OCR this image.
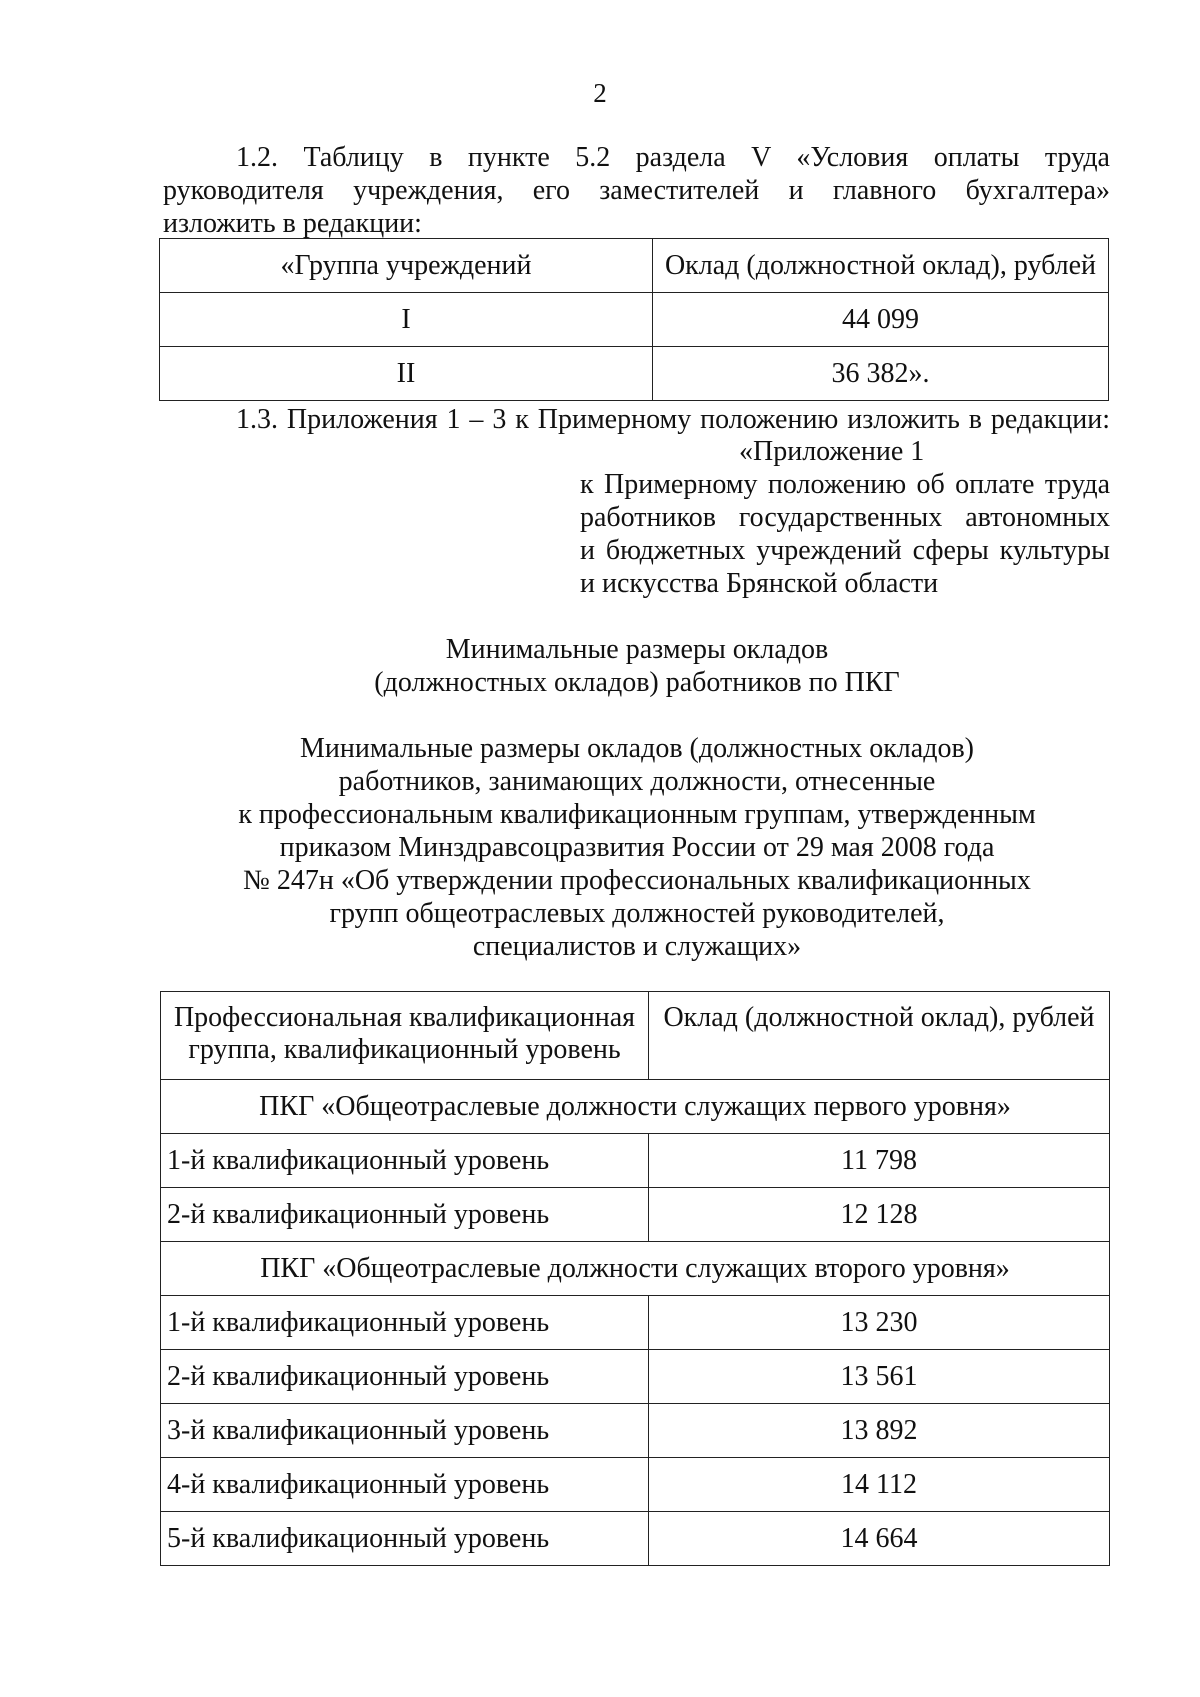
2
1.2. Таблицу в пункте 5.2 раздела V «Условия оплаты труда
руководителя учреждения, его заместителей и главного бухгалтера»
изложить в редакции:
«Группа учреждений	Оклад (должностной оклад), рублей
I	44 099
II	36 382».
1.3. Приложения 1 – 3 к Примерному положению изложить в редакции:
«Приложение 1
к Примерному положению об оплате труда
работников государственных автономных
и бюджетных учреждений сферы культуры
и искусства Брянской области
Минимальные размеры окладов
(должностных окладов) работников по ПКГ
Минимальные размеры окладов (должностных окладов)
работников, занимающих должности, отнесенные
к профессиональным квалификационным группам, утвержденным
приказом Минздравсоцразвития России от 29 мая 2008 года
№ 247н «Об утверждении профессиональных квалификационных
групп общеотраслевых должностей руководителей,
специалистов и служащих»
Профессиональная квалификационная
группа, квалификационный уровень	Оклад (должностной оклад), рублей
ПКГ «Общеотраслевые должности служащих первого уровня»	
1-й квалификационный уровень	11 798
2-й квалификационный уровень	12 128
ПКГ «Общеотраслевые должности служащих второго уровня»	
1-й квалификационный уровень	13 230
2-й квалификационный уровень	13 561
3-й квалификационный уровень	13 892
4-й квалификационный уровень	14 112
5-й квалификационный уровень	14 664
